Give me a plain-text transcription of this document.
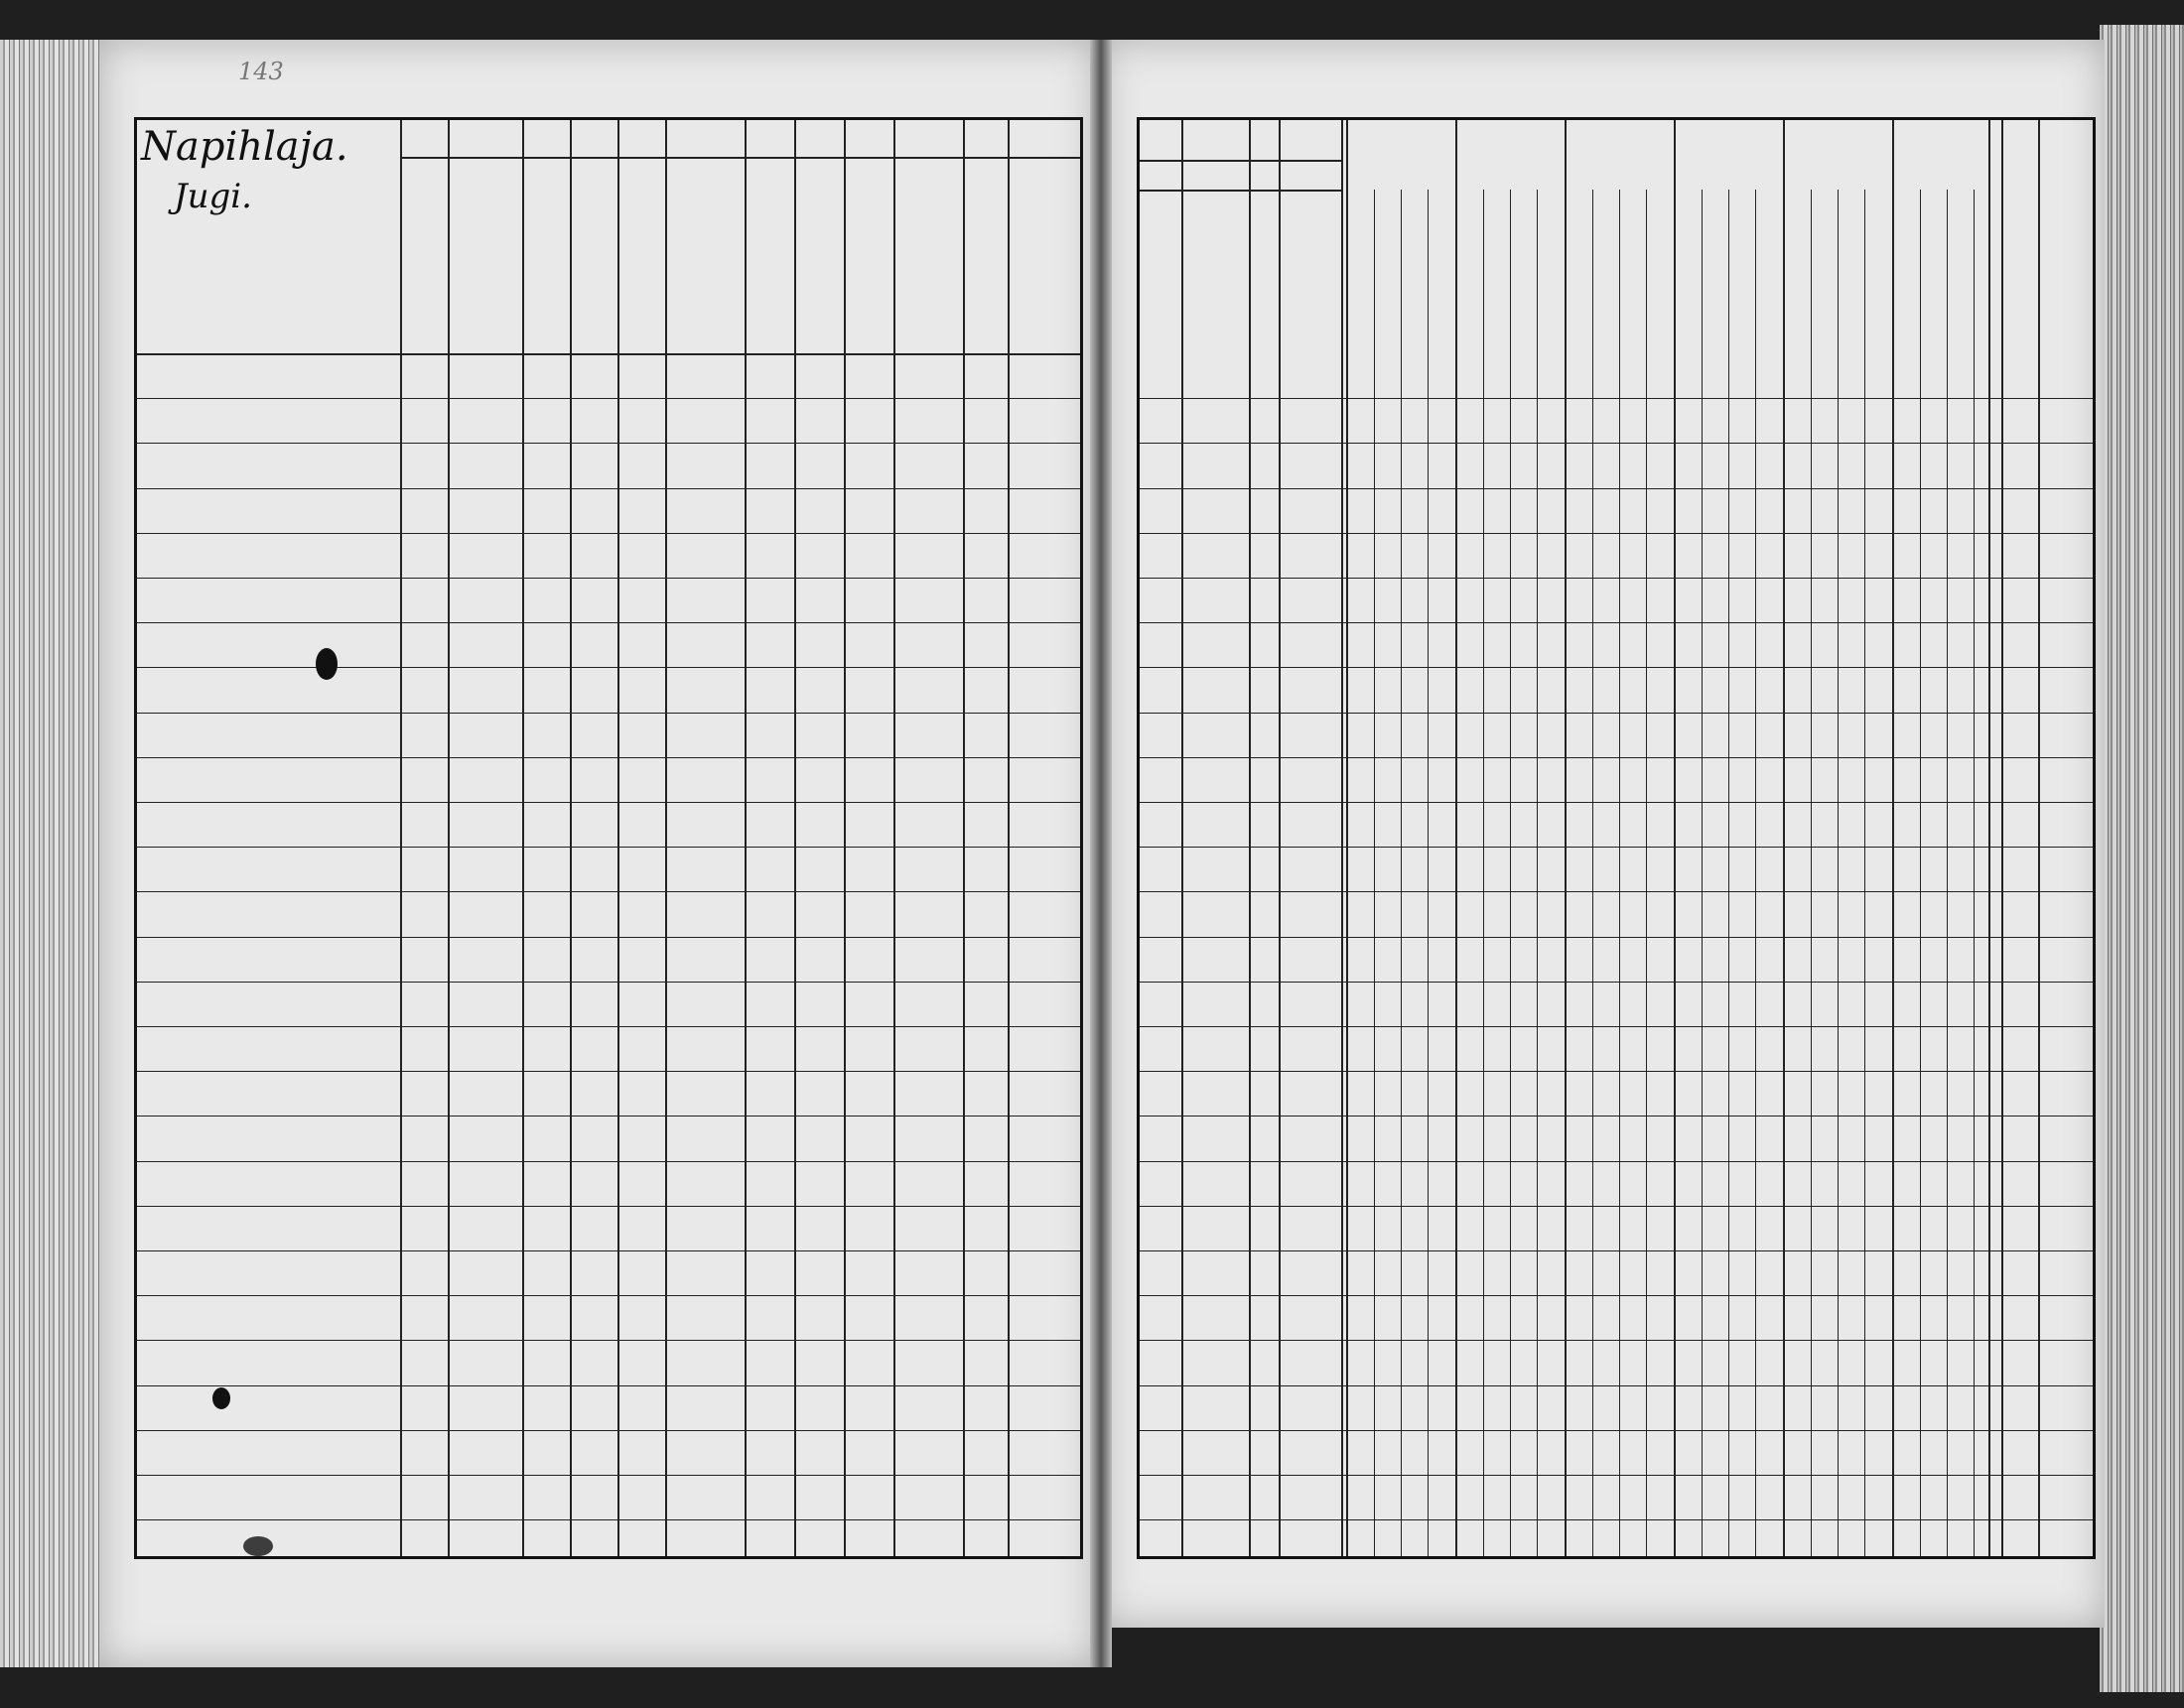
143
Napihlaja.
Jugi.
